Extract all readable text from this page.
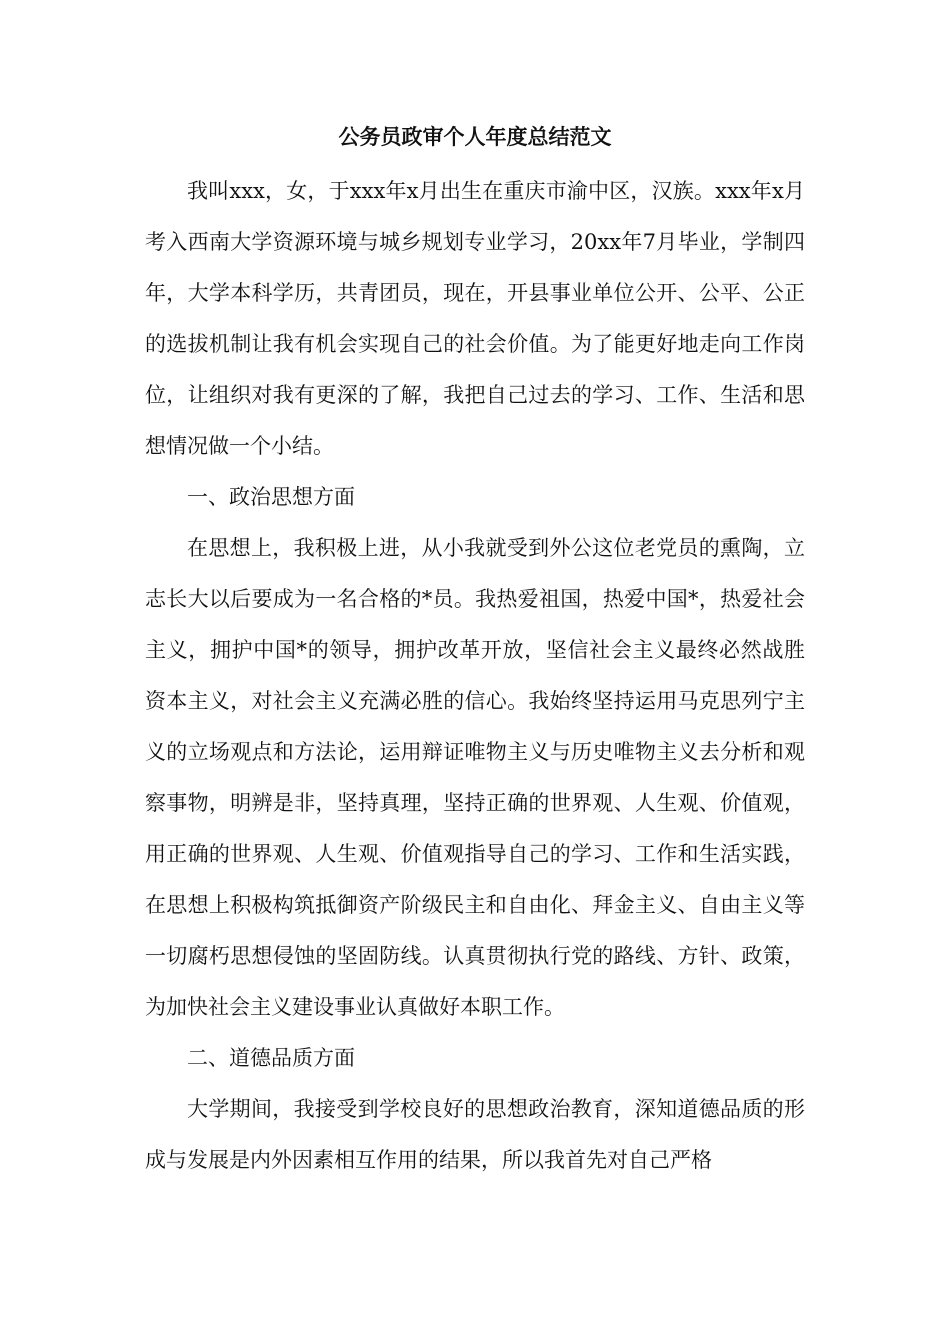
公务员政审个人年度总结范文

我叫xxx，女，于xxx年x月出生在重庆市渝中区，汉族。xxx年x月考入西南大学资源环境与城乡规划专业学习，20xx年7月毕业，学制四年，大学本科学历，共青团员，现在，开县事业单位公开、公平、公正的选拔机制让我有机会实现自己的社会价值。为了能更好地走向工作岗位，让组织对我有更深的了解，我把自己过去的学习、工作、生活和思想情况做一个小结。

一、政治思想方面

在思想上，我积极上进，从小我就受到外公这位老党员的熏陶，立志长大以后要成为一名合格的*员。我热爱祖国，热爱中国*，热爱社会主义，拥护中国*的领导，拥护改革开放，坚信社会主义最终必然战胜资本主义，对社会主义充满必胜的信心。我始终坚持运用马克思列宁主义的立场观点和方法论，运用辩证唯物主义与历史唯物主义去分析和观察事物，明辨是非，坚持真理，坚持正确的世界观、人生观、价值观，用正确的世界观、人生观、价值观指导自己的学习、工作和生活实践，在思想上积极构筑抵御资产阶级民主和自由化、拜金主义、自由主义等一切腐朽思想侵蚀的坚固防线。认真贯彻执行党的路线、方针、政策，为加快社会主义建设事业认真做好本职工作。

二、道德品质方面

大学期间，我接受到学校良好的思想政治教育，深知道德品质的形成与发展是内外因素相互作用的结果，所以我首先对自己严格
